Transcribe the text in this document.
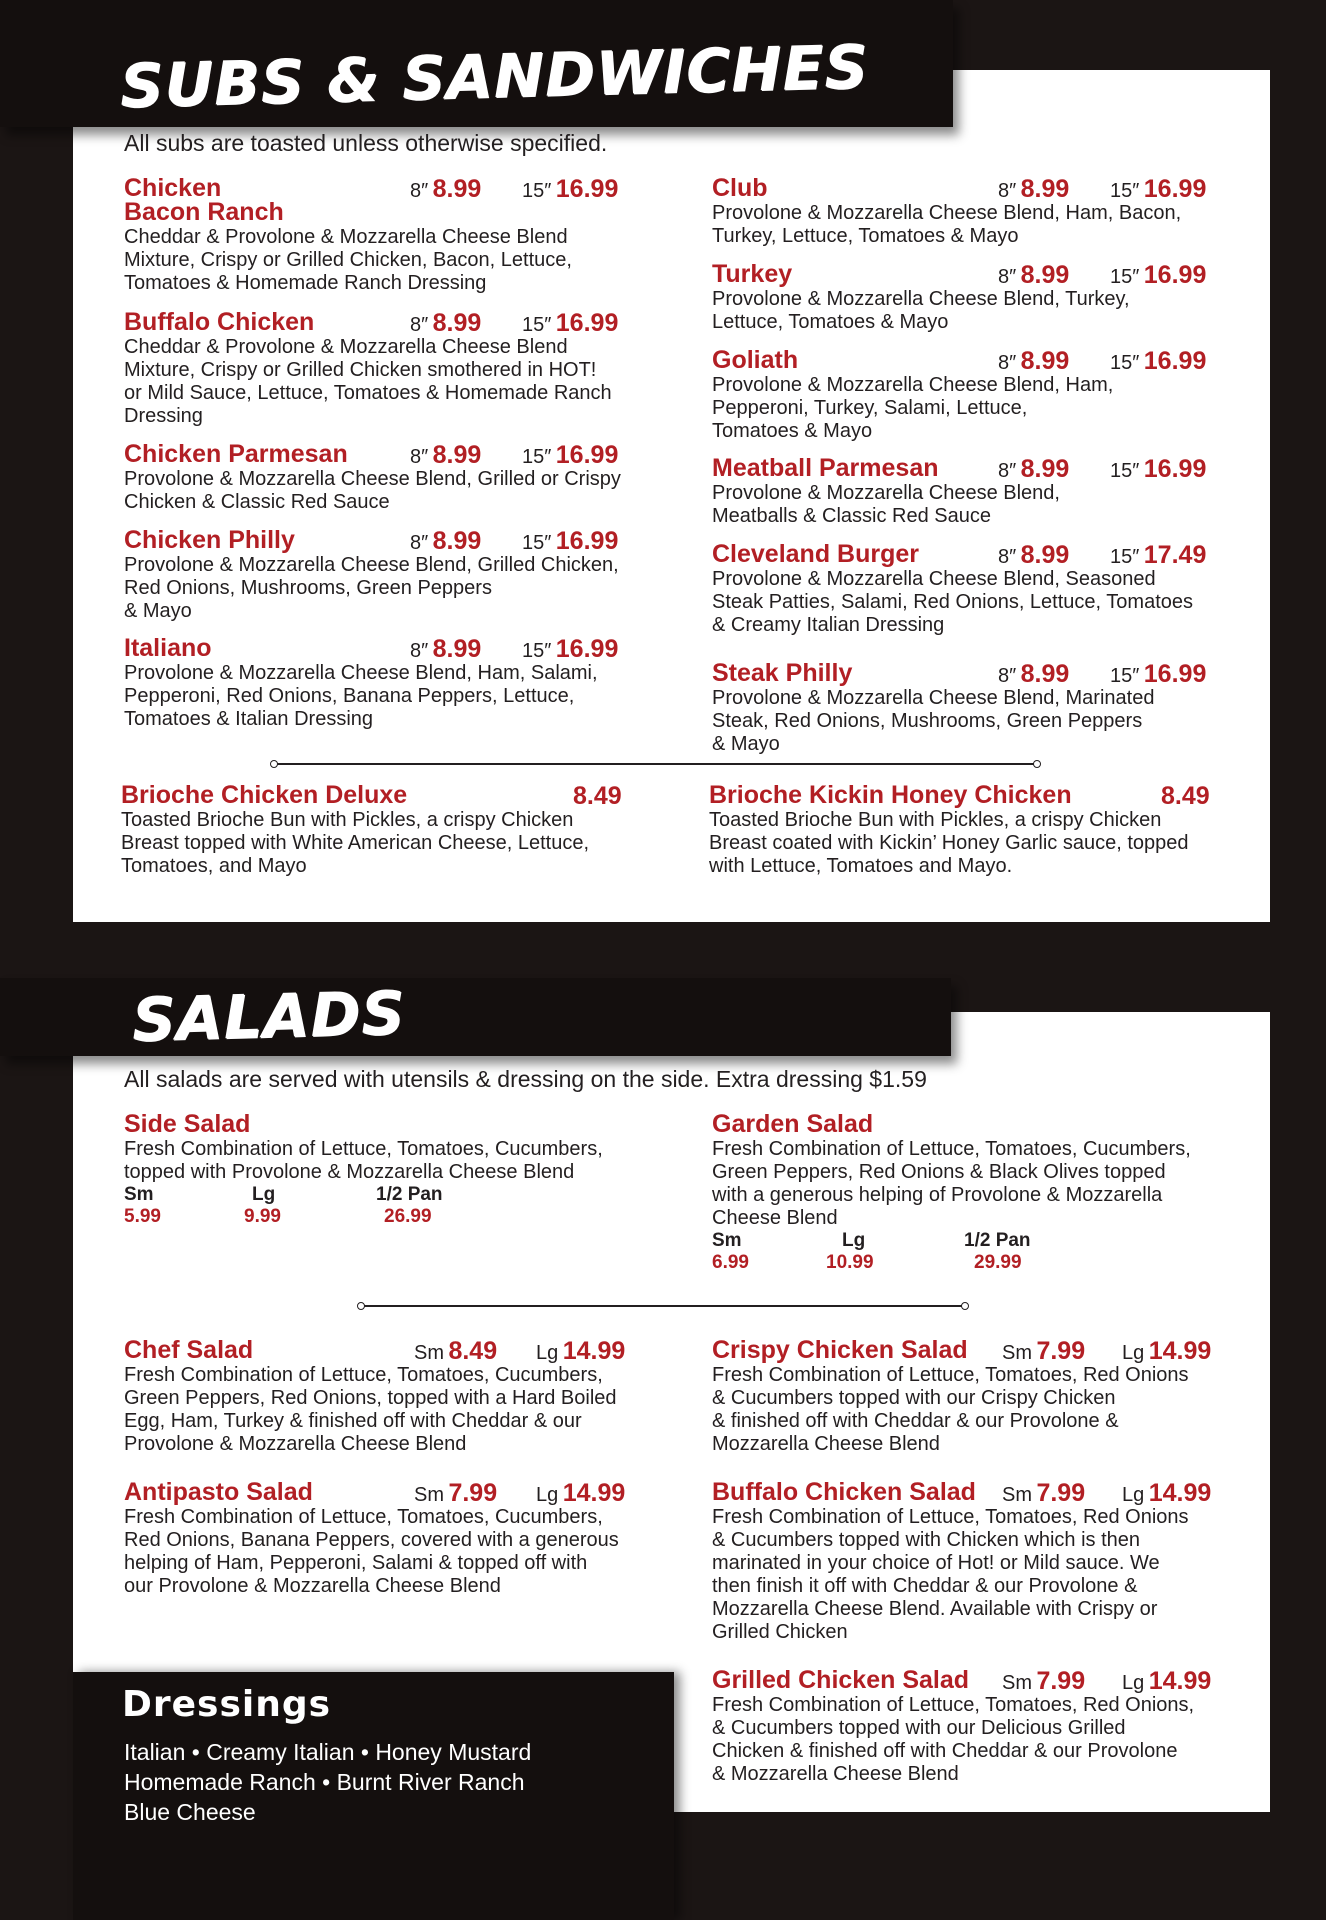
SUBS & SANDWICHES
All subs are toasted unless otherwise specified.
Chicken
Bacon Ranch
8″ 8.99 15″ 16.99
Cheddar & Provolone & Mozzarella Cheese Blend
Mixture, Crispy or Grilled Chicken, Bacon, Lettuce,
Tomatoes & Homemade Ranch Dressing
Buffalo Chicken	8″ 8.99 15″ 16.99
Cheddar & Provolone & Mozzarella Cheese Blend
Mixture, Crispy or Grilled Chicken smothered in HOT!
or Mild Sauce, Lettuce, Tomatoes & Homemade Ranch
Dressing
Chicken Parmesan	8″ 8.99 15″ 16.99
Provolone & Mozzarella Cheese Blend, Grilled or Crispy
Chicken & Classic Red Sauce
Chicken Philly	8″ 8.99 15″ 16.99
Provolone & Mozzarella Cheese Blend, Grilled Chicken,
Red Onions, Mushrooms, Green Peppers
& Mayo
Italiano	8″ 8.99 15″ 16.99
Provolone & Mozzarella Cheese Blend, Ham, Salami,
Pepperoni, Red Onions, Banana Peppers, Lettuce,
Tomatoes & Italian Dressing
Club	8″ 8.99 15″ 16.99
Provolone & Mozzarella Cheese Blend, Ham, Bacon,
Turkey, Lettuce, Tomatoes & Mayo
Turkey	8″ 8.99 15″ 16.99
Provolone & Mozzarella Cheese Blend, Turkey,
Lettuce, Tomatoes & Mayo
Goliath	8″ 8.99 15″ 16.99
Provolone & Mozzarella Cheese Blend, Ham,
Pepperoni, Turkey, Salami, Lettuce,
Tomatoes & Mayo
Meatball Parmesan	8″ 8.99 15″ 16.99
Provolone & Mozzarella Cheese Blend,
Meatballs & Classic Red Sauce
Cleveland Burger	8″ 8.99 15″ 17.49
Provolone & Mozzarella Cheese Blend, Seasoned
Steak Patties, Salami, Red Onions, Lettuce, Tomatoes
& Creamy Italian Dressing
Steak Philly	8″ 8.99 15″ 16.99
Provolone & Mozzarella Cheese Blend, Marinated
Steak, Red Onions, Mushrooms, Green Peppers
& Mayo
Brioche Chicken Deluxe	8.49
Toasted Brioche Bun with Pickles, a crispy Chicken
Breast topped with White American Cheese, Lettuce,
Tomatoes, and Mayo
Brioche Kickin Honey Chicken	8.49
Toasted Brioche Bun with Pickles, a crispy Chicken
Breast coated with Kickin’ Honey Garlic sauce, topped
with Lettuce, Tomatoes and Mayo.
SALADS
All salads are served with utensils & dressing on the side. Extra dressing $1.59
Side Salad
Fresh Combination of Lettuce, Tomatoes, Cucumbers,
topped with Provolone & Mozzarella Cheese Blend
Sm	Lg	1/2 Pan
5.99	9.99	26.99
Garden Salad
Fresh Combination of Lettuce, Tomatoes, Cucumbers,
Green Peppers, Red Onions & Black Olives topped
with a generous helping of Provolone & Mozzarella
Cheese Blend
Sm	Lg	1/2 Pan
6.99	10.99	29.99
Chef Salad	Sm 8.49 Lg 14.99
Fresh Combination of Lettuce, Tomatoes, Cucumbers,
Green Peppers, Red Onions, topped with a Hard Boiled
Egg, Ham, Turkey & finished off with Cheddar & our
Provolone & Mozzarella Cheese Blend
Antipasto Salad	Sm 7.99 Lg 14.99
Fresh Combination of Lettuce, Tomatoes, Cucumbers,
Red Onions, Banana Peppers, covered with a generous
helping of Ham, Pepperoni, Salami & topped off with
our Provolone & Mozzarella Cheese Blend
Crispy Chicken Salad	Sm 7.99 Lg 14.99
Fresh Combination of Lettuce, Tomatoes, Red Onions
& Cucumbers topped with our Crispy Chicken
& finished off with Cheddar & our Provolone &
Mozzarella Cheese Blend
Buffalo Chicken Salad	Sm 7.99 Lg 14.99
Fresh Combination of Lettuce, Tomatoes, Red Onions
& Cucumbers topped with Chicken which is then
marinated in your choice of Hot! or Mild sauce. We
then finish it off with Cheddar & our Provolone &
Mozzarella Cheese Blend. Available with Crispy or
Grilled Chicken
Grilled Chicken Salad	Sm 7.99 Lg 14.99
Fresh Combination of Lettuce, Tomatoes, Red Onions,
& Cucumbers topped with our Delicious Grilled
Chicken & finished off with Cheddar & our Provolone
& Mozzarella Cheese Blend
Dressings
Italian • Creamy Italian • Honey Mustard
Homemade Ranch • Burnt River Ranch
Blue Cheese
